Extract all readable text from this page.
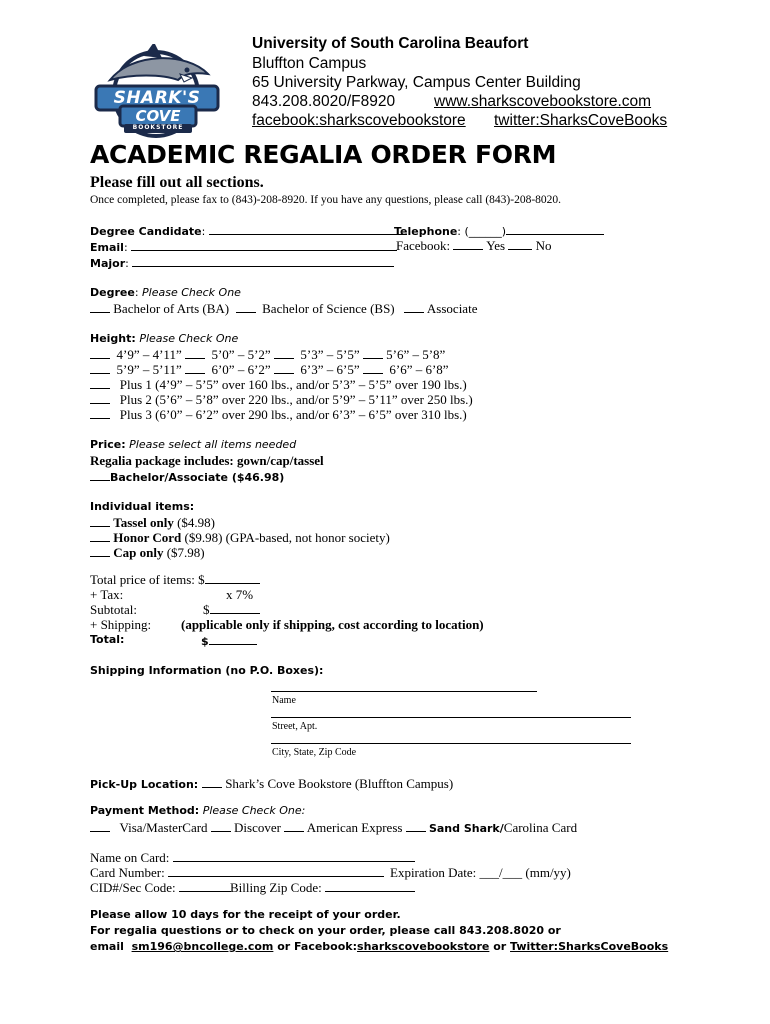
SHARK'S
COVE
BOOKSTORE
University of South Carolina Beaufort
Bluffton Campus
65 University Parkway, Campus Center Building
843.208.8020/F8920	www.sharkscovebookstore.com
facebook:sharkscovebookstore twitter:SharksCoveBooks
ACADEMIC REGALIA ORDER FORM
Please fill out all sections.
Once completed, please fax to (843)-208-8920. If you have any questions, please call (843)-208-8020.
Degree Candidate:	Telephone: (______)
Email:	Facebook:	Yes No
Major:
Degree: Please Check One
Bachelor of Arts (BA)	Bachelor of Science (BS) Associate
Height: Please Check One
4’9” – 4’11” 5’0” – 5’2” 5’3” – 5’5” 5’6” – 5’8”
5’9” – 5’11” 6’0” – 6’2” 6’3” – 6’5” 6’6” – 6’8”
Plus 1 (4’9” – 5’5” over 160 lbs., and/or 5’3” – 5’5” over 190 lbs.)
Plus 2 (5’6” – 5’8” over 220 lbs., and/or 5’9” – 5’11” over 250 lbs.)
Plus 3 (6’0” – 6’2” over 290 lbs., and/or 6’3” – 6’5” over 310 lbs.)
Price: Please select all items needed
Regalia package includes: gown/cap/tassel
Bachelor/Associate ($46.98)
Individual items:
Tassel only ($4.98)
Honor Cord ($9.98) (GPA-based, not honor society)
Cap only ($7.98)
Total price of items: $
+ Tax:	x 7%
Subtotal:	$
+ Shipping: (applicable only if shipping, cost according to location)
Total:	$
Shipping Information (no P.O. Boxes):
Name
Street, Apt.
City, State, Zip Code
Pick-Up Location: Shark’s Cove Bookstore (Bluffton Campus)
Payment Method: Please Check One:
Visa/MasterCard Discover American Express Sand Shark/Carolina Card
Name on Card:
Card Number:	Expiration Date: ___/___ (mm/yy)
CID#/Sec Code:	Billing Zip Code:
Please allow 10 days for the receipt of your order.
For regalia questions or to check on your order, please call 843.208.8020 or
email sm196@bncollege.com or Facebook:sharkscovebookstore or Twitter:SharksCoveBooks
